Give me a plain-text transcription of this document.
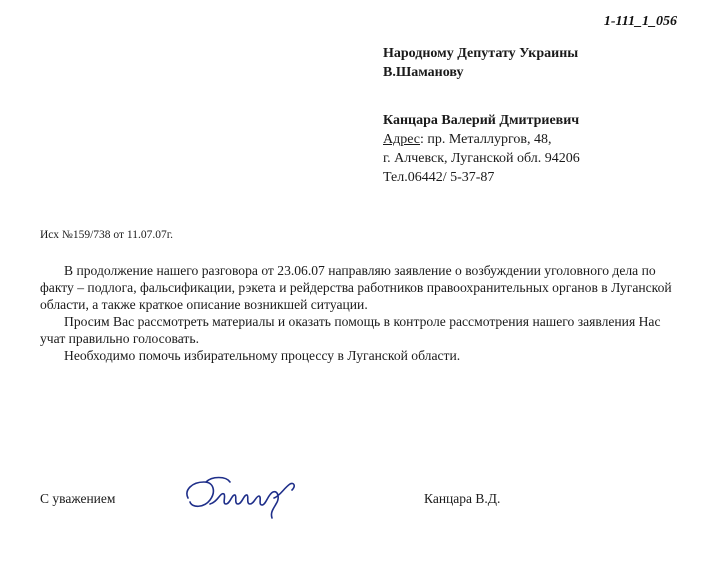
1-111_1_056
Народному Депутату Украины
В.Шаманову
Канцара Валерий Дмитриевич
Адрес: пр. Металлургов, 48,
г. Алчевск, Луганской обл. 94206
Тел.06442/ 5-37-87
Исх №159/738 от 11.07.07г.

В продолжение нашего разговора от 23.06.07 направляю заявление о возбуждении уголовного дела по факту – подлога, фальсификации, рэкета и рейдерства работников правоохранительных органов в Луганской области, а также краткое описание возникшей ситуации.

Просим Вас рассмотреть материалы и оказать помощь в контроле рассмотрения нашего заявления Нас учат правильно голосовать.

Необходимо помочь избирательному процессу в Луганской области.

С уважением	Канцара В.Д.
